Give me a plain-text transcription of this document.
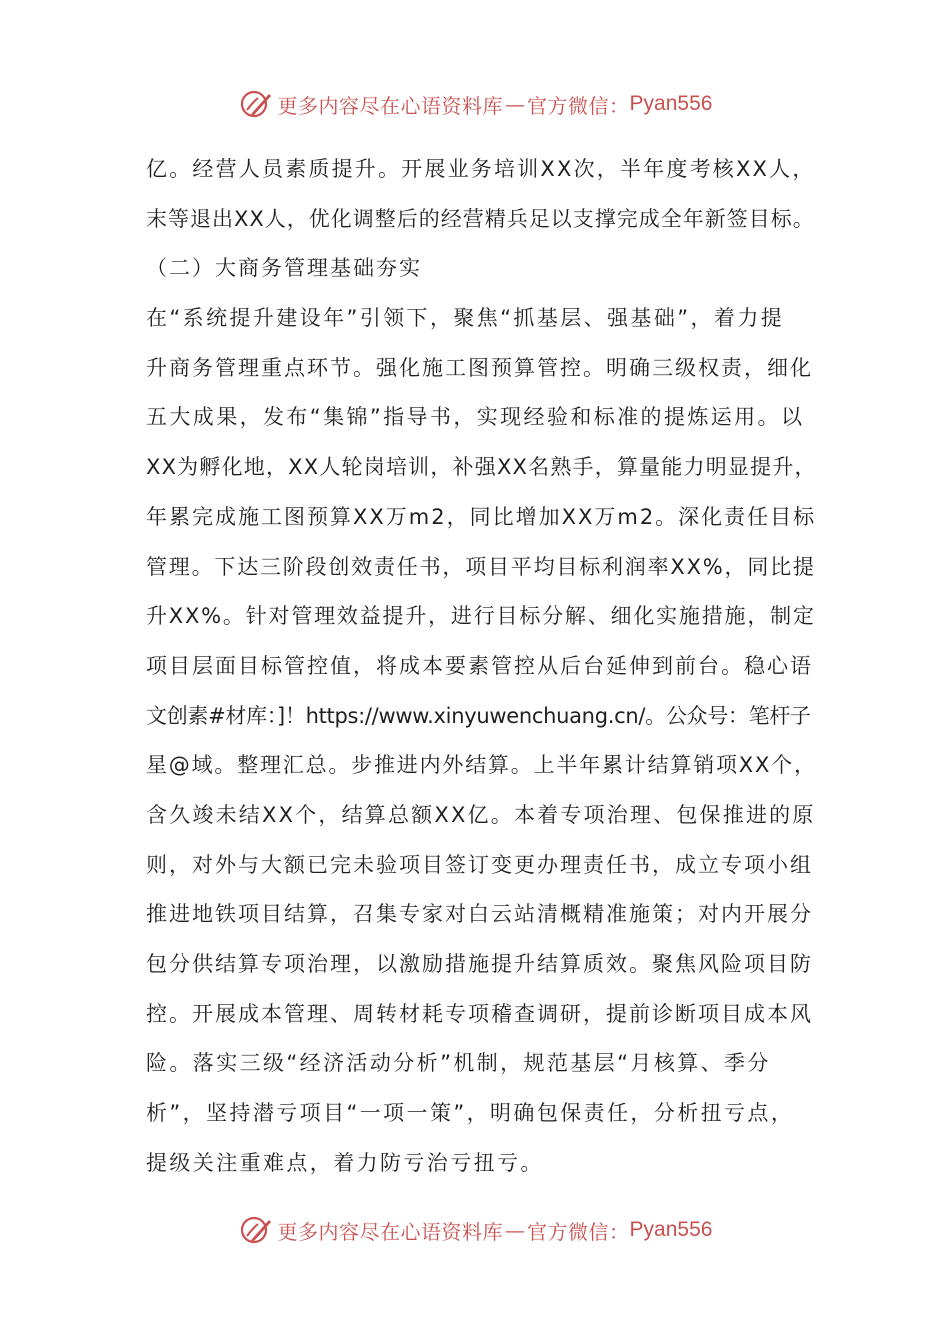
更多内容尽在心语资料库 — 官方微信： Pyan556
亿。经营人员素质提升。开展业务培训XX次，半年度考核XX人，
末等退出XX人，优化调整后的经营精兵足以支撑完成全年新签目标。
（二）大商务管理基础夯实
在“系统提升建设年”引领下，聚焦“抓基层、强基础”，着力提
升商务管理重点环节。强化施工图预算管控。明确三级权责，细化
五大成果，发布“集锦”指导书，实现经验和标准的提炼运用。以
XX为孵化地，XX人轮岗培训，补强XX名熟手，算量能力明显提升，
年累完成施工图预算XX万m2，同比增加XX万m2。深化责任目标
管理。下达三阶段创效责任书，项目平均目标利润率XX%，同比提
升XX%。针对管理效益提升，进行目标分解、细化实施措施，制定
项目层面目标管控值，将成本要素管控从后台延伸到前台。稳心语
文创素#材库：]！https://www.xinyuwenchuang.cn/。公众号：笔杆子
星@域。整理汇总。步推进内外结算。上半年累计结算销项XX个，
含久竣未结XX个，结算总额XX亿。本着专项治理、包保推进的原
则，对外与大额已完未验项目签订变更办理责任书，成立专项小组
推进地铁项目结算，召集专家对白云站清概精准施策；对内开展分
包分供结算专项治理，以激励措施提升结算质效。聚焦风险项目防
控。开展成本管理、周转材耗专项稽查调研，提前诊断项目成本风
险。落实三级“经济活动分析”机制，规范基层“月核算、季分
析”，坚持潜亏项目“一项一策”，明确包保责任，分析扭亏点，
提级关注重难点，着力防亏治亏扭亏。
更多内容尽在心语资料库 — 官方微信： Pyan556
